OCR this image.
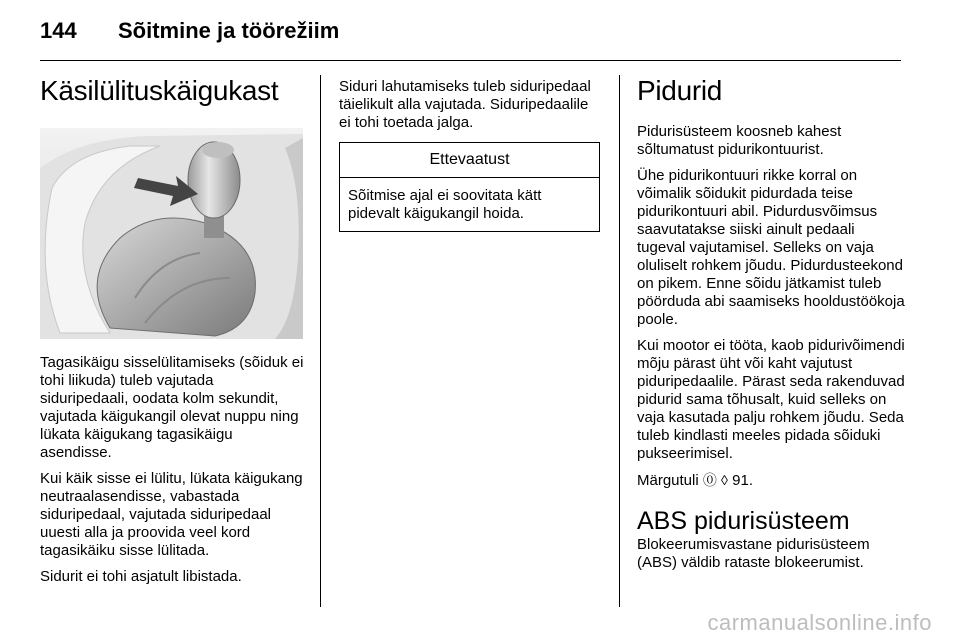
144 Sõitmine ja töörežiim
Käsilülituskäigukast

Tagasikäigu sisselülitamiseks (sõiduk ei tohi liikuda) tuleb vajutada siduripedaali, oodata kolm sekundit, vajutada käigukangil olevat nuppu ning lükata käigukang tagasikäigu asendisse.

Kui käik sisse ei lülitu, lükata käigukang neutraalasendisse, vabastada siduripedaal, vajutada siduripedaal uuesti alla ja proovida veel kord tagasikäiku sisse lülitada.

Sidurit ei tohi asjatult libistada.

Siduri lahutamiseks tuleb siduripedaal täielikult alla vajutada. Siduripedaalile ei tohi toetada jalga.

Ettevaatust
Sõitmise ajal ei soovitata kätt pidevalt käigukangil hoida.
Pidurid

Pidurisüsteem koosneb kahest sõltumatust pidurikontuurist.

Ühe pidurikontuuri rikke korral on võimalik sõidukit pidurdada teise pidurikontuuri abil. Pidurdusvõimsus saavutatakse siiski ainult pedaali tugeval vajutamisel. Selleks on vaja oluliselt rohkem jõudu. Pidurdusteekond on pikem. Enne sõidu jätkamist tuleb pöörduda abi saamiseks hooldustöökoja poole.

Kui mootor ei tööta, kaob pidurivõimendi mõju pärast üht või kaht vajutust piduripedaalile. Pärast seda rakenduvad pidurid sama tõhusalt, kuid selleks on vaja kasutada palju rohkem jõudu. Seda tuleb kindlasti meeles pidada sõiduki pukseerimisel.

Märgutuli ⓪ ◊ 91.

ABS pidurisüsteem

Blokeerumisvastane pidurisüsteem (ABS) väldib rataste blokeerumist.

carmanualsonline.info
